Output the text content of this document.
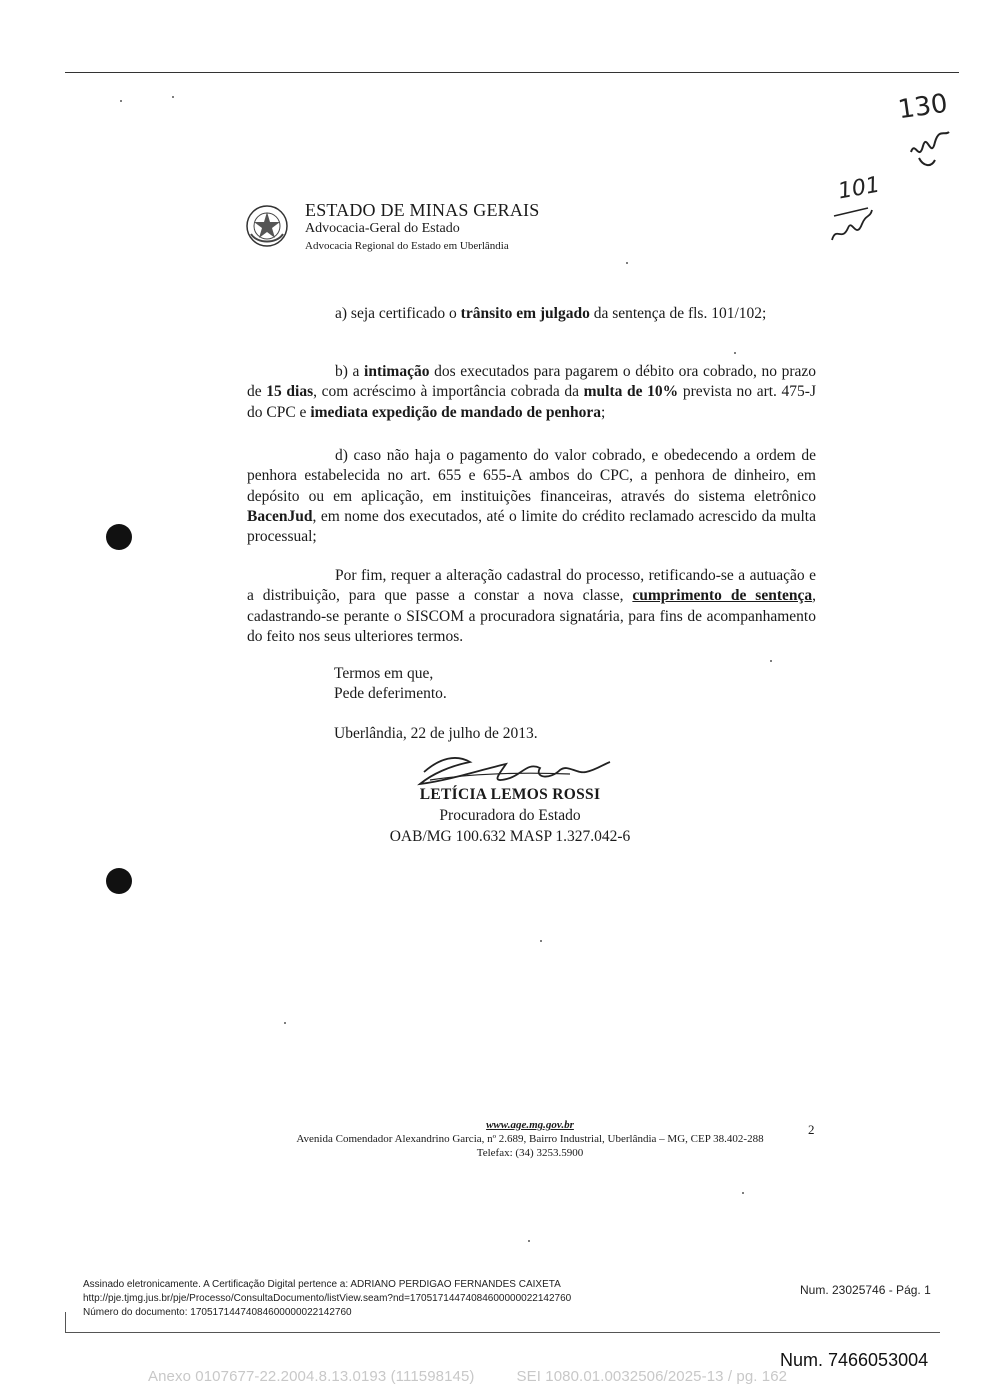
130
101
ESTADO DE MINAS GERAIS
Advocacia-Geral do Estado
Advocacia Regional do Estado em Uberlândia

a) seja certificado o trânsito em julgado da sentença de fls. 101/102;

b) a intimação dos executados para pagarem o débito ora cobrado, no prazo de 15 dias, com acréscimo à importância cobrada da multa de 10% prevista no art. 475-J do CPC e imediata expedição de mandado de penhora;

d) caso não haja o pagamento do valor cobrado, e obedecendo a ordem de penhora estabelecida no art. 655 e 655-A ambos do CPC, a penhora de dinheiro, em depósito ou em aplicação, em instituições financeiras, através do sistema eletrônico BacenJud, em nome dos executados, até o limite do crédito reclamado acrescido da multa processual;

Por fim, requer a alteração cadastral do processo, retificando-se a autuação e a distribuição, para que passe a constar a nova classe, cumprimento de sentença, cadastrando-se perante o SISCOM a procuradora signatária, para fins de acompanhamento do feito nos seus ulteriores termos.

Termos em que,
Pede deferimento.
Uberlândia, 22 de julho de 2013.
LETÍCIA LEMOS ROSSI
Procuradora do Estado
OAB/MG 100.632 MASP 1.327.042-6
www.age.mg.gov.br
Avenida Comendador Alexandrino Garcia, nº 2.689, Bairro Industrial, Uberlândia – MG, CEP 38.402-288
Telefax: (34) 3253.5900
2
Assinado eletronicamente. A Certificação Digital pertence a: ADRIANO PERDIGAO FERNANDES CAIXETA
http://pje.tjmg.jus.br/pje/Processo/ConsultaDocumento/listView.seam?nd=17051714474084600000022142760
Número do documento: 17051714474084600000022142760
Num. 23025746 - Pág. 1
Num. 7466053004
Anexo 0107677-22.2004.8.13.0193 (111598145)	SEI 1080.01.0032506/2025-13 / pg. 162
